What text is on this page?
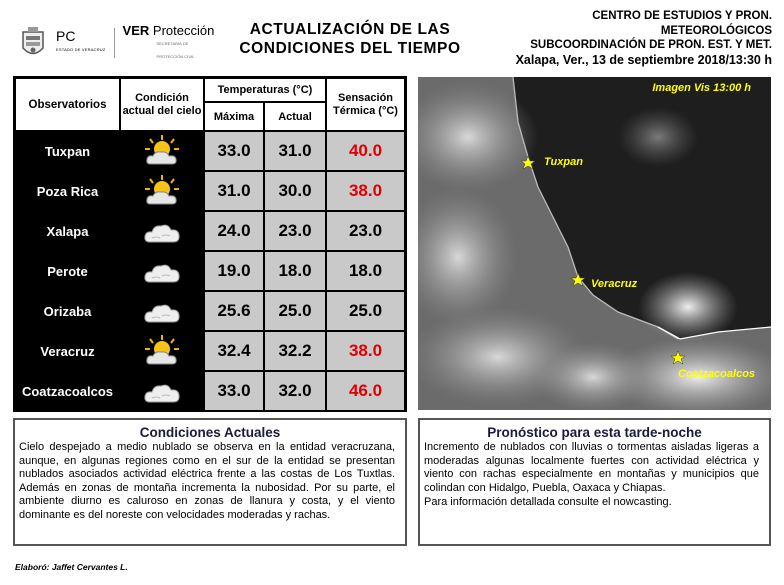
PC
ESTADO DE VERACRUZ
VER Protección
SECRETARÍA DE
PROTECCIÓN CIVIL
ACTUALIZACIÓN DE LAS
CONDICIONES DEL TIEMPO
CENTRO DE ESTUDIOS Y PRON.
METEOROLÓGICOS
SUBCOORDINACIÓN DE PRON. EST. Y MET.
Xalapa, Ver., 13 de septiembre 2018/13:30 h
Observatorios
Condición actual del cielo
Temperaturas (°C)
Máxima	Actual
Sensación Térmica (°C)
Tuxpan	33.0	31.0	40.0
Poza Rica	31.0	30.0	38.0
Xalapa	24.0	23.0	23.0
Perote	19.0	18.0	18.0
Orizaba	25.6	25.0	25.0
Veracruz	32.4	32.2	38.0
Coatzacoalcos	33.0	32.0	46.0
Imagen Vis 13:00 h
Tuxpan
Veracruz
Coatzacoalcos
Condiciones Actuales

Cielo despejado a medio nublado se observa en la entidad veracruzana, aunque, en algunas regiones como en el sur de la entidad se presentan nublados asociados actividad eléctrica frente a las costas de Los Tuxtlas. Además en zonas de montaña incrementa la nubosidad. Por su parte, el ambiente diurno es caluroso en zonas de llanura y costa, y el viento dominante es del noreste con velocidades moderadas y rachas.

Pronóstico para esta tarde-noche

Incremento de nublados con lluvias o tormentas aisladas ligeras a moderadas algunas localmente fuertes con actividad eléctrica y viento con rachas especialmente en montañas y municipios que colindan con Hidalgo, Puebla, Oaxaca y Chiapas.

Para información detallada consulte el nowcasting.

Elaboró: Jaffet Cervantes L.
